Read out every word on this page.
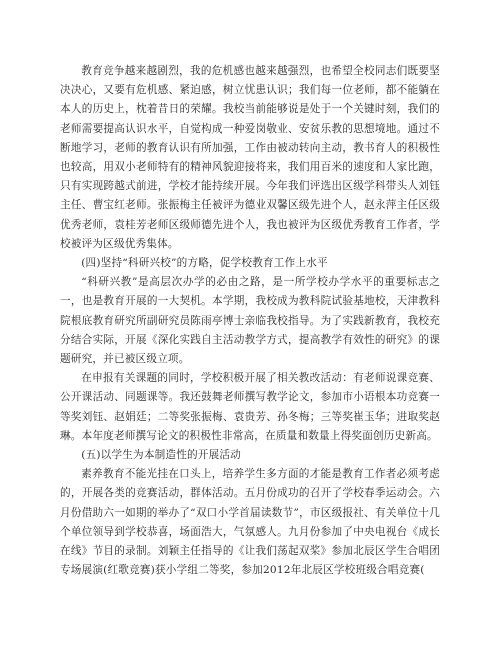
教育竞争越来越剧烈，我的危机感也越来越强烈，也希望全校同志们既要坚决决心，又要有危机感、紧迫感，树立忧患认识；我们每一位老师，都不能躺在本人的历史上，枕着昔日的荣耀。我校当前能够说是处于一个关键时刻，我们的老师需要提高认识水平，自觉构成一种爱岗敬业、安贫乐教的思想境地。通过不断地学习，老师的教育认识有所加强，工作由被动转向主动，教书育人的积极性也较高，用双小老师特有的精神风貌迎接将来，我们用百米的速度和人家比跑，只有实现跨越式前进，学校才能持续开展。今年我们评选出区级学科带头人刘钰主任、曹宝红老师。张振梅主任被评为德业双馨区级先进个人，赵永萍主任区级优秀老师，袁桂芳老师区级师德先进个人，我也被评为区级优秀教育工作者，学校被评为区级优秀集体。

(四)坚持“科研兴校”的方略，促学校教育工作上水平

“科研兴教”是高层次办学的必由之路，是一所学校办学水平的重要标志之一，也是教育开展的一大契机。本学期，我校成为教科院试验基地校，天津教科院根底教育研究所副研究员陈雨亭博士亲临我校指导。为了实践新教育，我校充分结合实际，开展《深化实践自主活动教学方式，提高教学有效性的研究》的课题研究，并已被区级立项。

在申报有关课题的同时，学校积极开展了相关教改活动：有老师说课竞赛、公开课活动、同题课等。我还鼓舞老师撰写教学论文，参加市小语根本功竞赛一等奖刘钰、赵娟廷；二等奖张振梅、袁贵芳、孙冬梅；三等奖崔玉华；进取奖赵琳。本年度老师撰写论文的积极性非常高，在质量和数量上得奖面创历史新高。

(五)以学生为本制造性的开展活动

素养教育不能光挂在口头上，培养学生多方面的才能是教育工作者必须考虑的，开展各类的竞赛活动，群体活动。五月份成功的召开了学校春季运动会。六月份借助六一如期的举办了“双口小学首届读数节”，市区级报社、有关单位十几个单位领导到学校恭喜，场面浩大，气氛感人。九月份参加了中央电视台《成长在线》节目的录制。刘颖主任指导的《让我们荡起双桨》参加北辰区学生合唱团专场展演(红歌竞赛)获小学组二等奖，参加2012年北辰区学校班级合唱竞赛(
